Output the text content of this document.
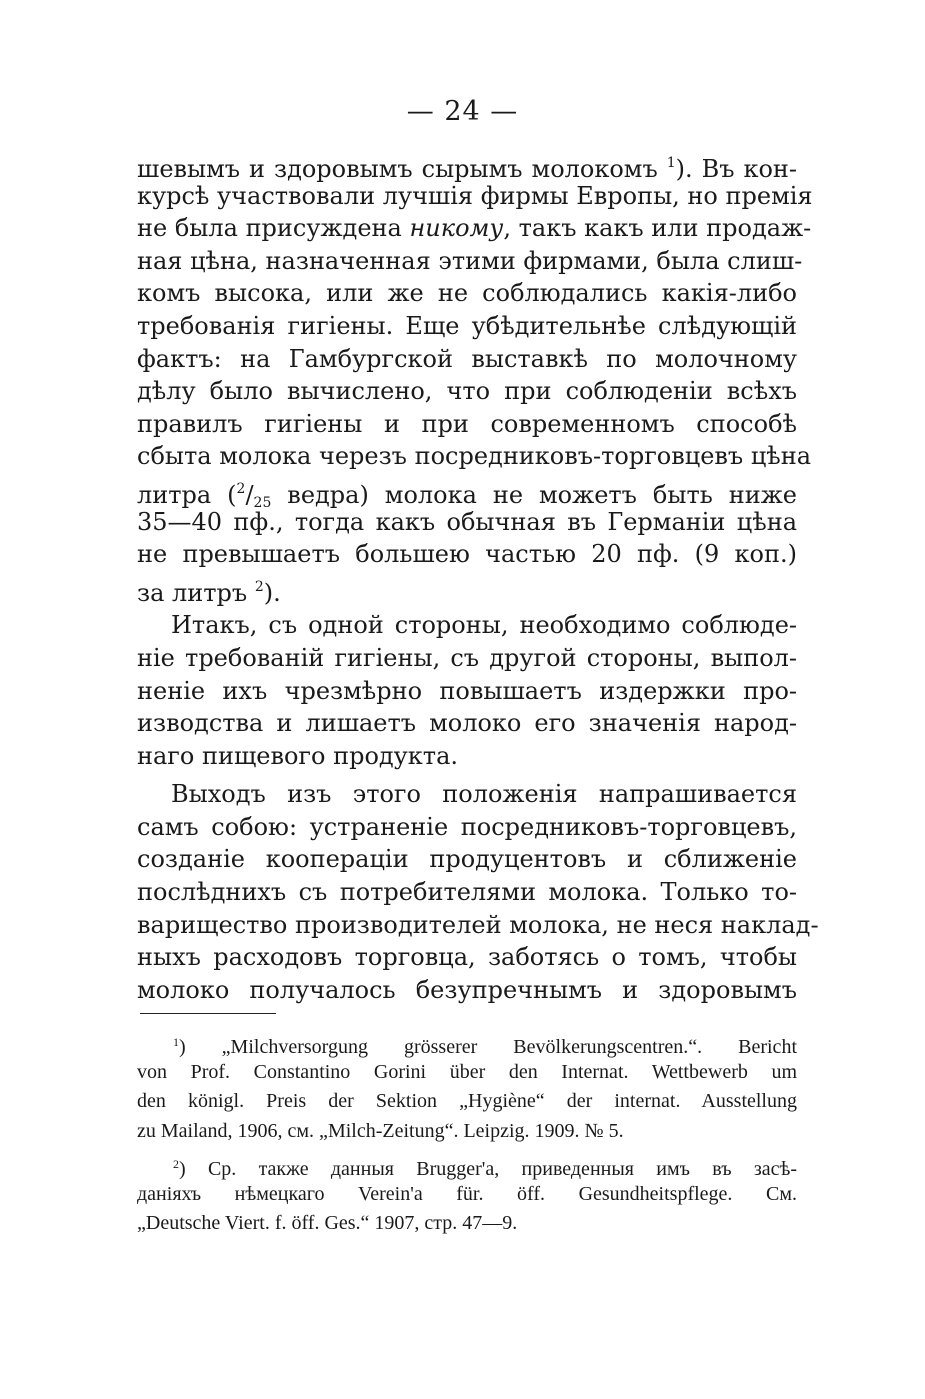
— 24 —
шевымъ и здоровымъ сырымъ молокомъ $^1$). Въ кон-
курсѣ участвовали лучшія фирмы Европы, но премія
не была присуждена никому, такъ какъ или продаж-
ная цѣна, назначенная этими фирмами, была слиш-
комъ высока, или же не соблюдались какія-либо
требованія гигіены. Еще убѣдительнѣе слѣдующій
фактъ: на Гамбургской выставкѣ по молочному
дѣлу было вычислено, что при соблюденіи всѣхъ
правилъ гигіены и при современномъ способѣ
сбыта молока черезъ посредниковъ-торговцевъ цѣна
литра ($^2/_{25}$ ведра) молока не можетъ быть ниже
35—40 пф., тогда какъ обычная въ Германіи цѣна
не превышаетъ большею частью 20 пф. (9 коп.)
за литръ $^2$).
Итакъ, съ одной стороны, необходимо соблюде-
ніе требованій гигіены, съ другой стороны, выпол-
неніе ихъ чрезмѣрно повышаетъ издержки про-
изводства и лишаетъ молоко его значенія народ-
наго пищевого продукта.
Выходъ изъ этого положенія напрашивается
самъ собою: устраненіе посредниковъ-торговцевъ,
созданіе кооперацiи продуцентовъ и сближеніе
послѣднихъ съ потребителями молока. Только то-
варищество производителей молока, не неся наклад-
ныхъ расходовъ торговца, заботясь о томъ, чтобы
молоко получалось безупречнымъ и здоровымъ
$^1$) „Milchversorgung grösserer Bevölkerungscentren.“. Bericht
von Prof. Constantino Gorini über den Internat. Wettbewerb um
den königl. Preis der Sektion „Hygiène“ der internat. Ausstellung
zu Mailand, 1906, см. „Milch-Zeitung“. Leipzig. 1909. № 5.
$^2$) Ср. также данныя Brugger'a, приведенныя имъ въ засѣ-
даніяхъ нѣмецкаго Verein'a für. öff. Gesundheitspflege. См.
„Deutsche Viert. f. öff. Ges.“ 1907, стр. 47—9.
